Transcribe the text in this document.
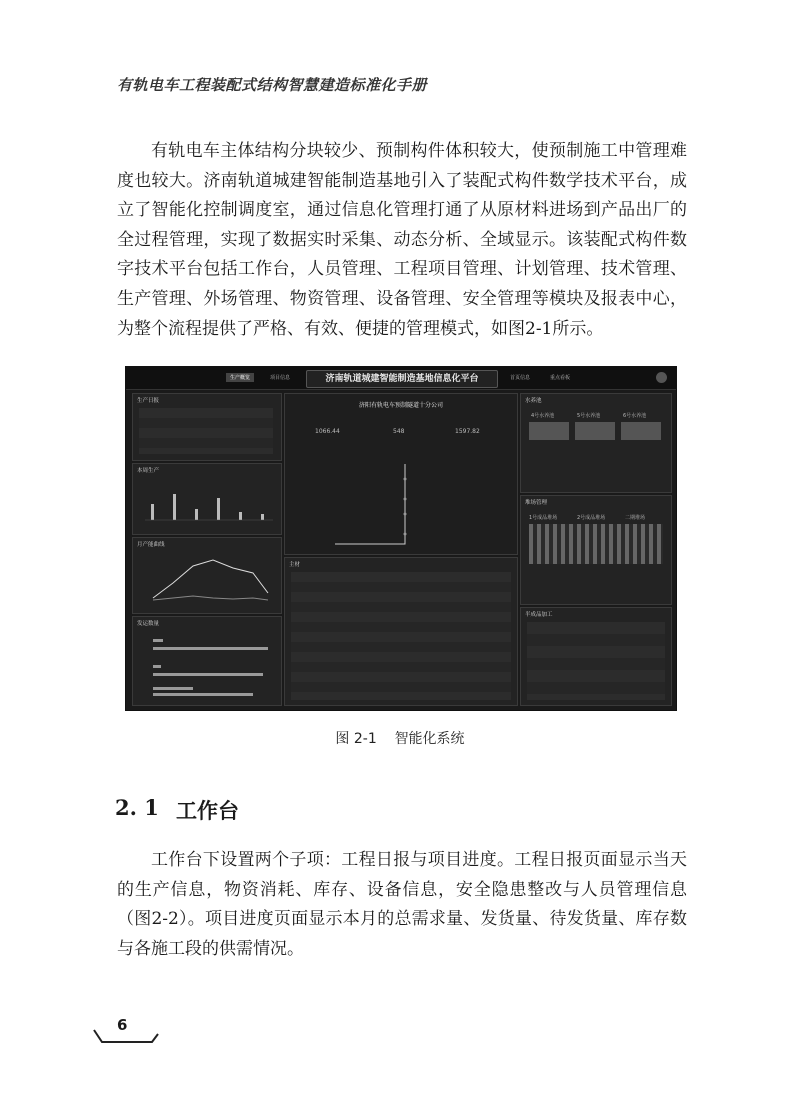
有轨电车工程装配式结构智慧建造标准化手册

有轨电车主体结构分块较少、预制构件体积较大，使预制施工中管理难度也较大。济南轨道城建智能制造基地引入了装配式构件数学技术平台，成立了智能化控制调度室，通过信息化管理打通了从原材料进场到产品出厂的全过程管理，实现了数据实时采集、动态分析、全域显示。该装配式构件数字技术平台包括工作台，人员管理、工程项目管理、计划管理、技术管理、生产管理、外场管理、物资管理、设备管理、安全管理等模块及报表中心，为整个流程提供了严格、有效、便捷的管理模式，如图2-1所示。

生产概览	项目信息	济南轨道城建智能制造基地信息化平台	首页信息	重点看板
生产日报
本周生产
月产能曲线
发运数量
济阳有轨电车预制隧道十分公司
1066.44	548	1597.82
主材
水养池
4号水养池	5号水养池	6号水养池
堆场管理
1号成品堆场	2号成品堆场	二期堆场
半成品加工
图 2-1 智能化系统
2. 1 工作台

工作台下设置两个子项：工程日报与项目进度。工程日报页面显示当天的生产信息，物资消耗、库存、设备信息，安全隐患整改与人员管理信息（图2-2）。项目进度页面显示本月的总需求量、发货量、待发货量、库存数与各施工段的供需情况。

6
